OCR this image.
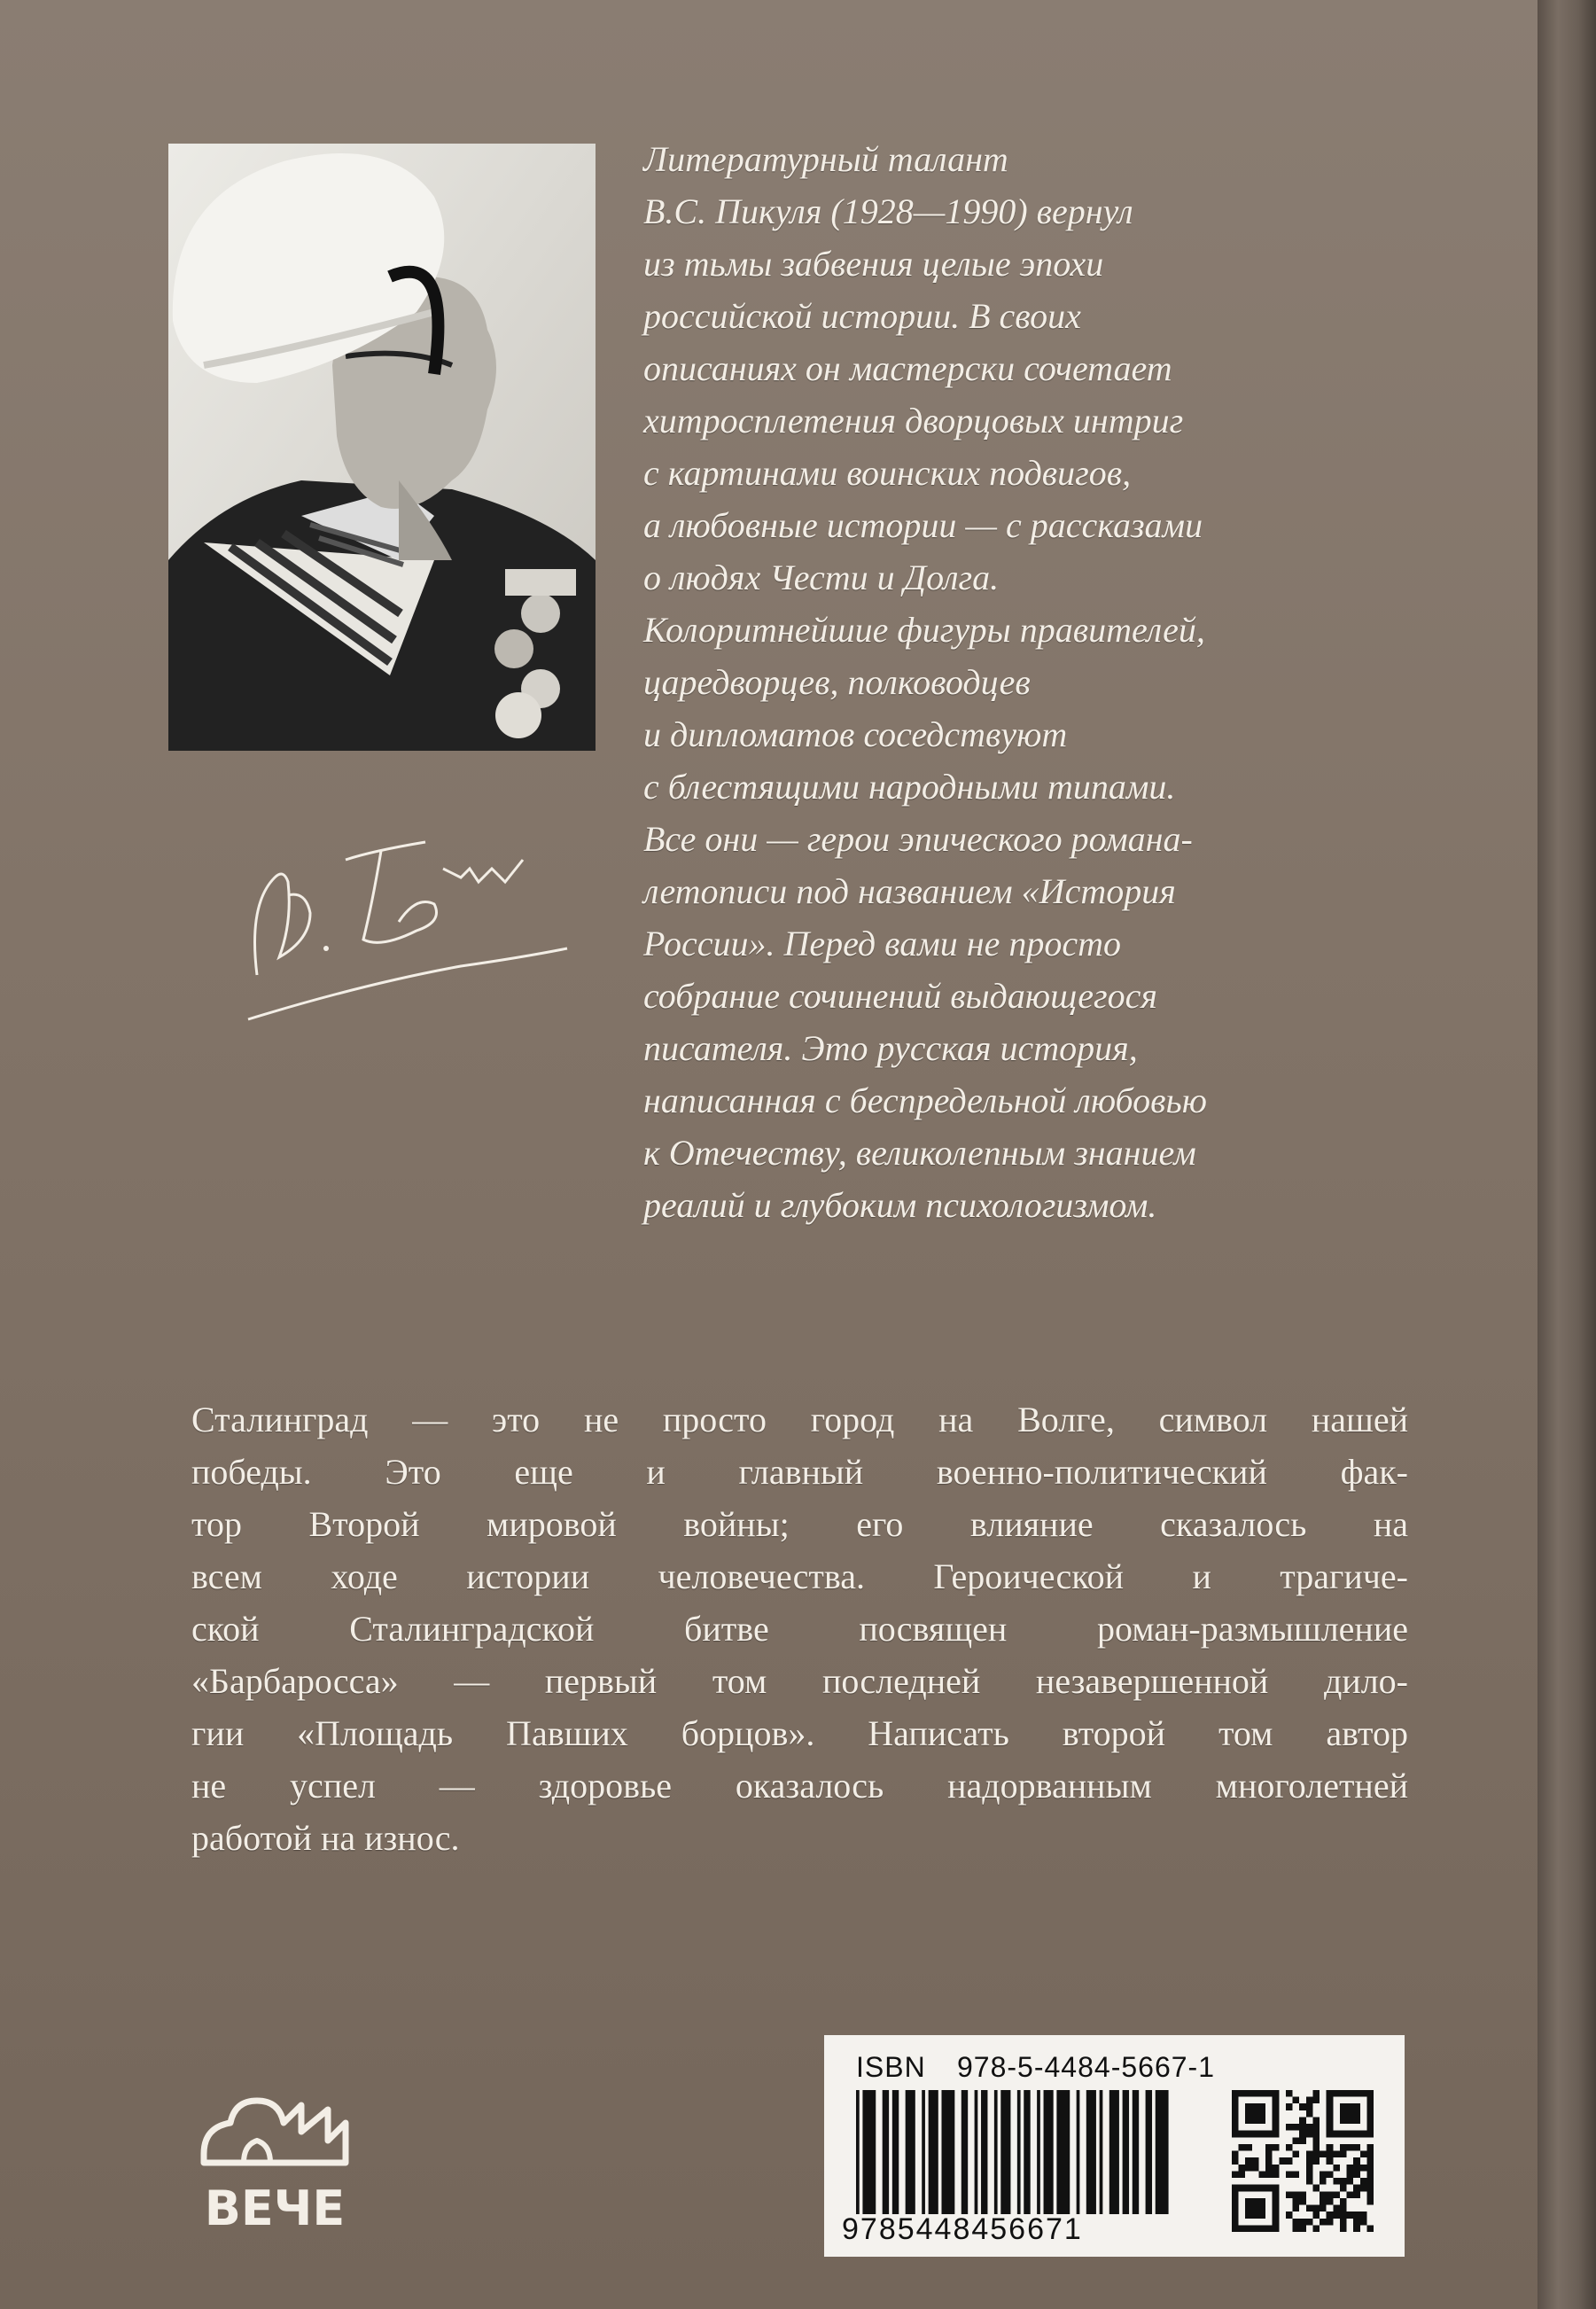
Литературный талант
В.С. Пикуля (1928—1990) вернул
из тьмы забвения целые эпохи
российской истории. В своих
описаниях он мастерски сочетает
хитросплетения дворцовых интриг
с картинами воинских подвигов,
а любовные истории — с рассказами
о людях Чести и Долга.
Колоритнейшие фигуры правителей,
царедворцев, полководцев
и дипломатов соседствуют
с блестящими народными типами.
Все они — герои эпического романа-
летописи под названием «История
России». Перед вами не просто
собрание сочинений выдающегося
писателя. Это русская история,
написанная с беспредельной любовью
к Отечеству, великолепным знанием
реалий и глубоким психологизмом.
Сталинград — это не просто город на Волге, символ нашей
победы. Это еще и главный военно-политический фак-
тор Второй мировой войны; его влияние сказалось на
всем ходе истории человечества. Героической и трагиче-
ской Сталинградской битве посвящен роман-размышление
«Барбаросса» — первый том последней незавершенной дило-
гии «Площадь Павших борцов». Написать второй том автор
не успел — здоровье оказалось надорванным многолетней
работой на износ.
ВЕЧЕ
ISBN 978-5-4484-5667-1
9785448456671
